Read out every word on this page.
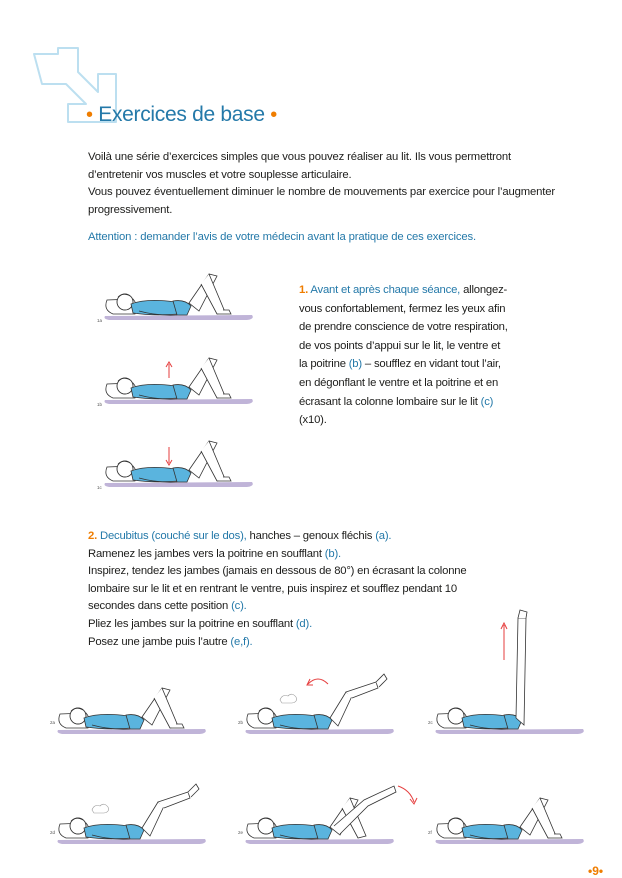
• Exercices de base •

Voilà une série d’exercices simples que vous pouvez réaliser au lit. Ils vous permettront d’entretenir vos muscles et votre souplesse articulaire.

Vous pouvez éventuellement diminuer le nombre de mouvements par exercice pour l’augmenter progressivement.

Attention : demander l’avis de votre médecin avant la pratique de ces exercices.
1a
1b
1c

1. Avant et après chaque séance, allongez-vous confortablement, fermez les yeux afin de prendre conscience de votre respiration, de vos points d’appui sur le lit, le ventre et la poitrine (b) – soufflez en vidant tout l’air, en dégonflant le ventre et la poitrine et en écrasant la colonne lombaire sur le lit (c) (x10).

2. Decubitus (couché sur le dos), hanches – genoux fléchis (a).

Ramenez les jambes vers la poitrine en soufflant (b).

Inspirez, tendez les jambes (jamais en dessous de 80°) en écrasant la colonne lombaire sur le lit et en rentrant le ventre, puis inspirez et soufflez pendant 10 secondes dans cette position (c).

Pliez les jambes sur la poitrine en soufflant (d).

Posez une jambe puis l’autre (e,f).

2a	2b	2c
2d	2e	2f
•9•
